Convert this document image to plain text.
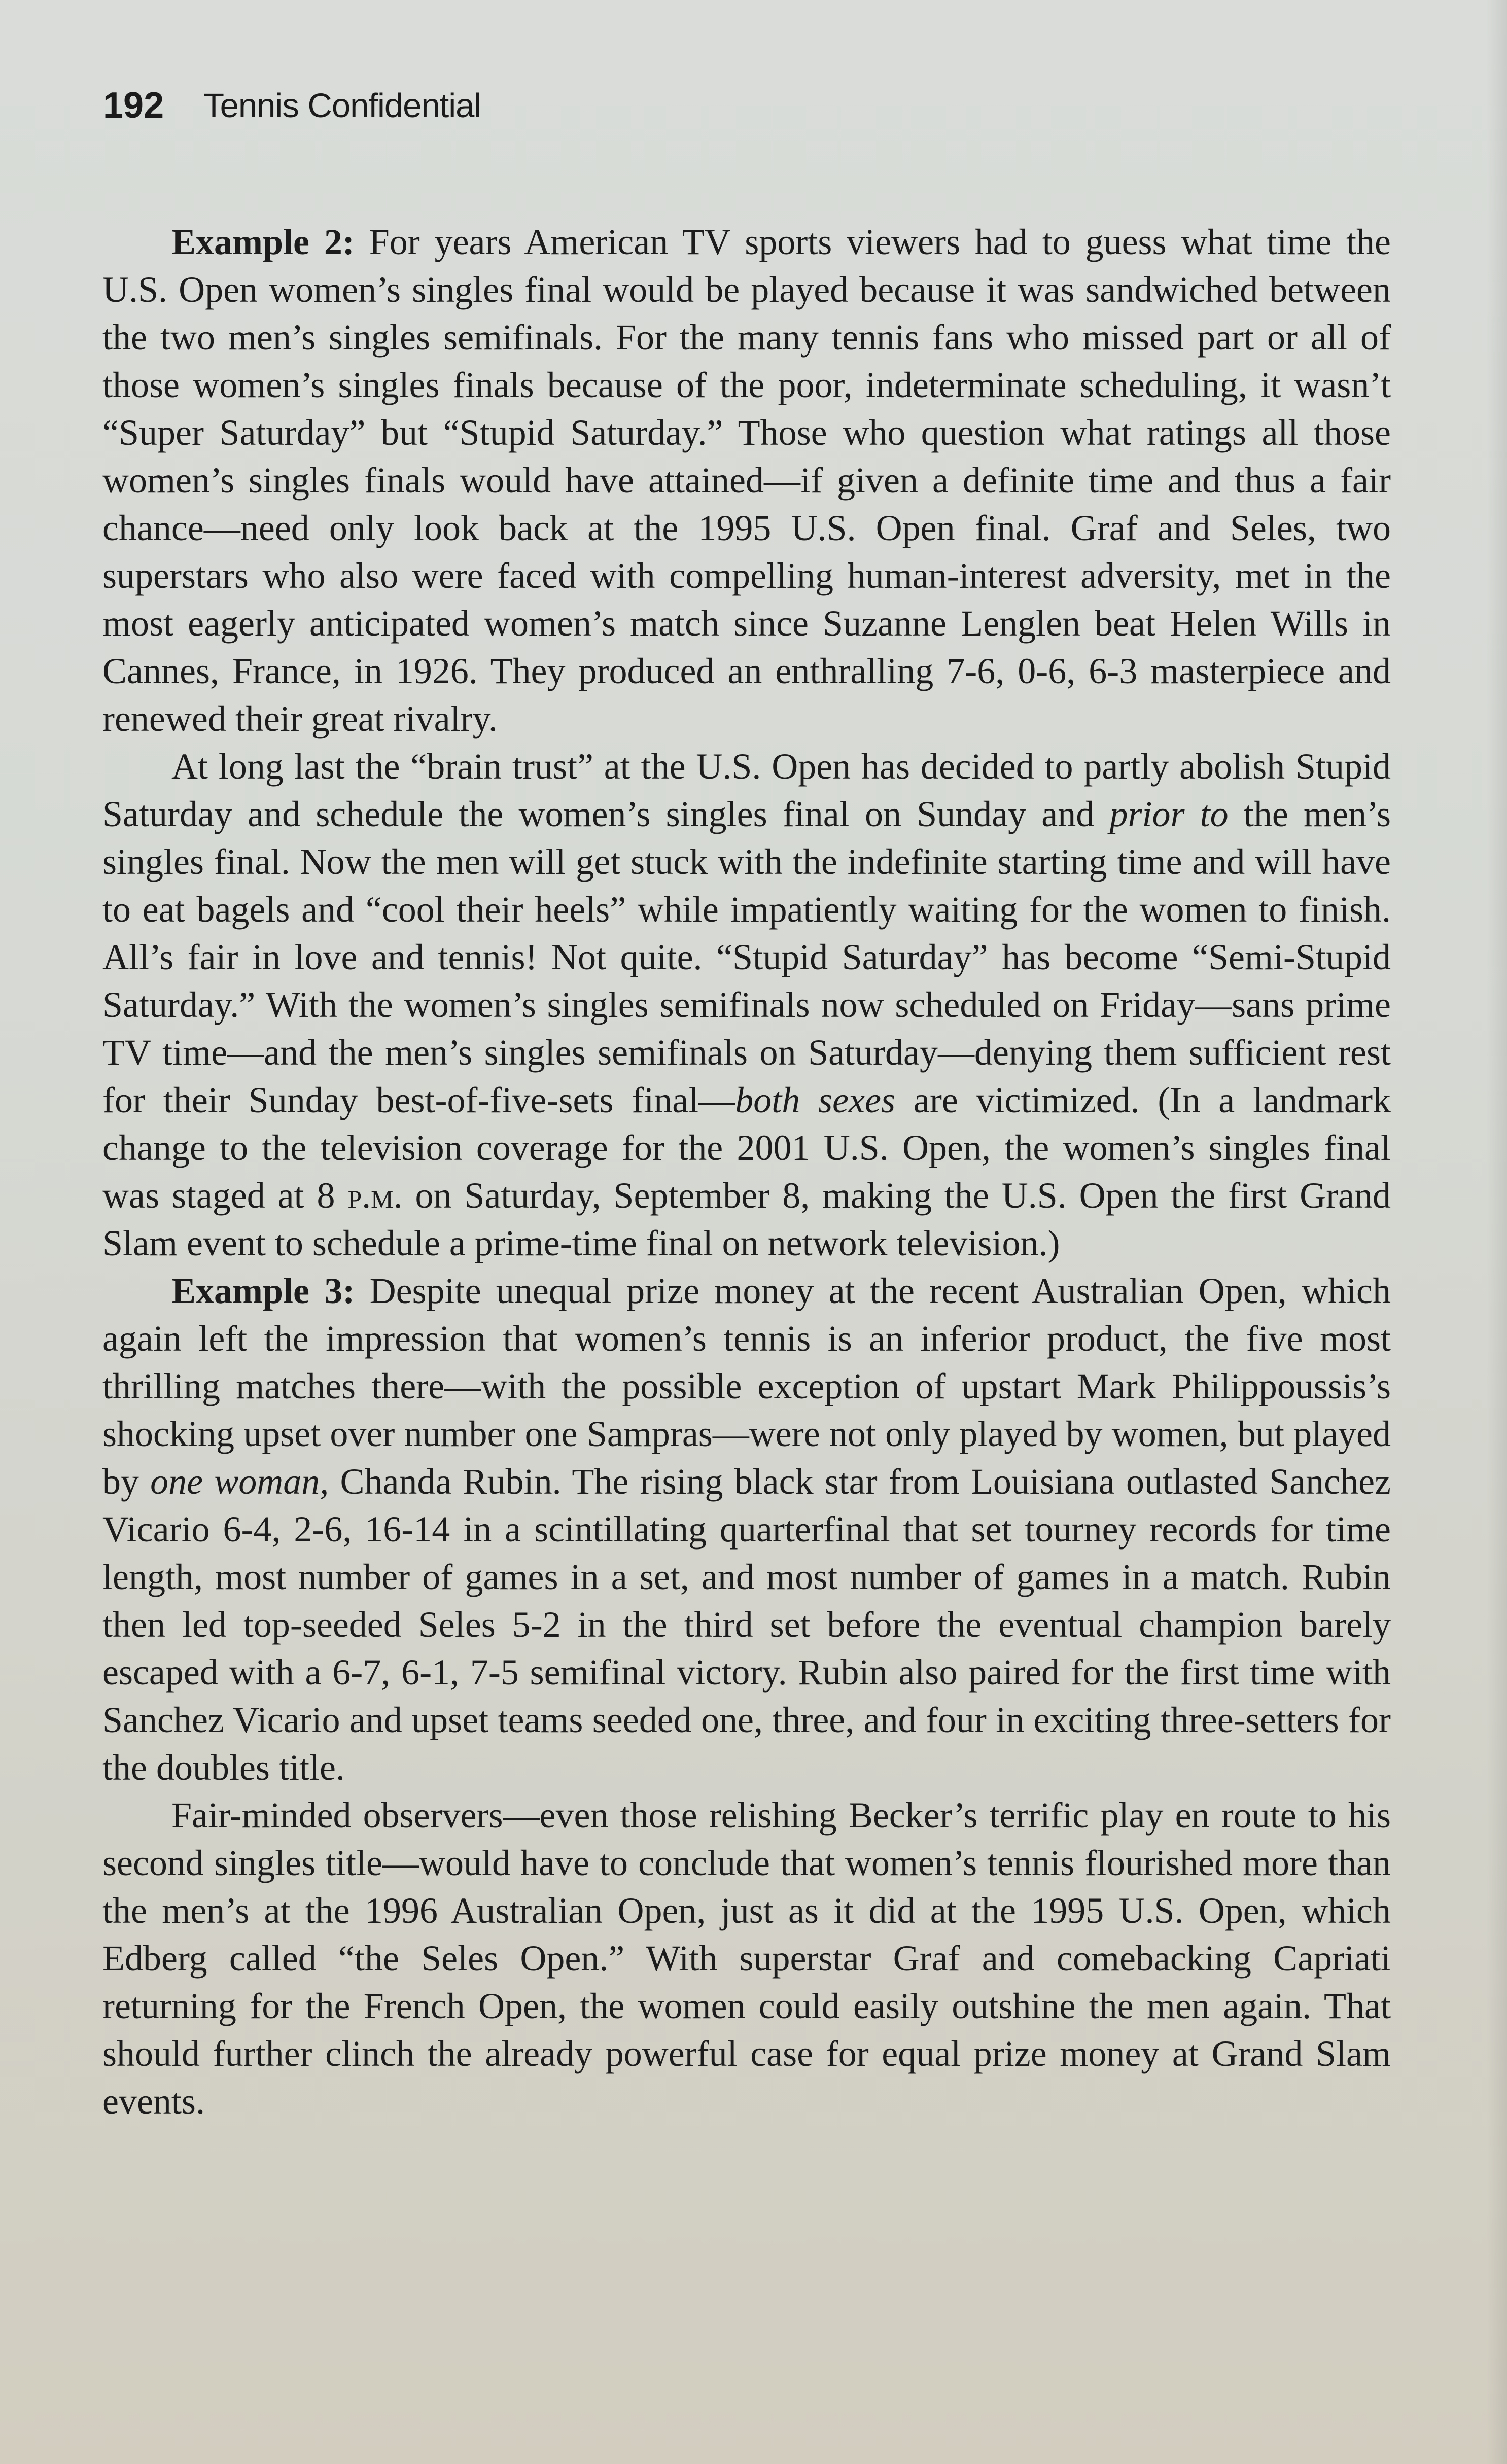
192 Tennis Confidential

Example 2: For years American TV sports viewers had to guess what time the U.S. Open women’s singles final would be played because it was sandwiched between the two men’s singles semifinals. For the many tennis fans who missed part or all of those women’s singles finals because of the poor, indeterminate scheduling, it wasn’t “Super Saturday” but “Stupid Saturday.” Those who question what ratings all those women’s singles finals would have attained—if given a definite time and thus a fair chance—need only look back at the 1995 U.S. Open final. Graf and Seles, two superstars who also were faced with compelling human-interest adversity, met in the most eagerly anticipated women’s match since Suzanne Lenglen beat Helen Wills in Cannes, France, in 1926. They produced an enthralling 7-6, 0-6, 6-3 masterpiece and renewed their great rivalry.

At long last the “brain trust” at the U.S. Open has decided to partly abolish Stupid Saturday and schedule the women’s singles final on Sunday and prior to the men’s singles final. Now the men will get stuck with the indefinite starting time and will have to eat bagels and “cool their heels” while impatiently waiting for the women to finish. All’s fair in love and tennis! Not quite. “Stupid Saturday” has become “Semi-Stupid Saturday.” With the women’s singles semifinals now scheduled on Friday—sans prime TV time—and the men’s singles semifinals on Saturday—denying them sufficient rest for their Sunday best-of-five-sets final—both sexes are victimized. (In a landmark change to the television coverage for the 2001 U.S. Open, the women’s singles final was staged at 8 p.m. on Saturday, September 8, making the U.S. Open the first Grand Slam event to schedule a prime-time final on network television.)

Example 3: Despite unequal prize money at the recent Australian Open, which again left the impression that women’s tennis is an inferior product, the five most thrilling matches there—with the possible exception of upstart Mark Philippoussis’s shocking upset over number one Sampras—were not only played by women, but played by one woman, Chanda Rubin. The rising black star from Louisiana outlasted Sanchez Vicario 6-4, 2-6, 16-14 in a scintillating quarterfinal that set tourney records for time length, most number of games in a set, and most number of games in a match. Rubin then led top-seeded Seles 5-2 in the third set before the eventual champion barely escaped with a 6-7, 6-1, 7-5 semifinal victory. Rubin also paired for the first time with Sanchez Vicario and upset teams seeded one, three, and four in exciting three-setters for the doubles title.

Fair-minded observers—even those relishing Becker’s terrific play en route to his second singles title—would have to conclude that women’s tennis flourished more than the men’s at the 1996 Australian Open, just as it did at the 1995 U.S. Open, which Edberg called “the Seles Open.” With superstar Graf and comebacking Capriati returning for the French Open, the women could easily outshine the men again. That should further clinch the already powerful case for equal prize money at Grand Slam events.
